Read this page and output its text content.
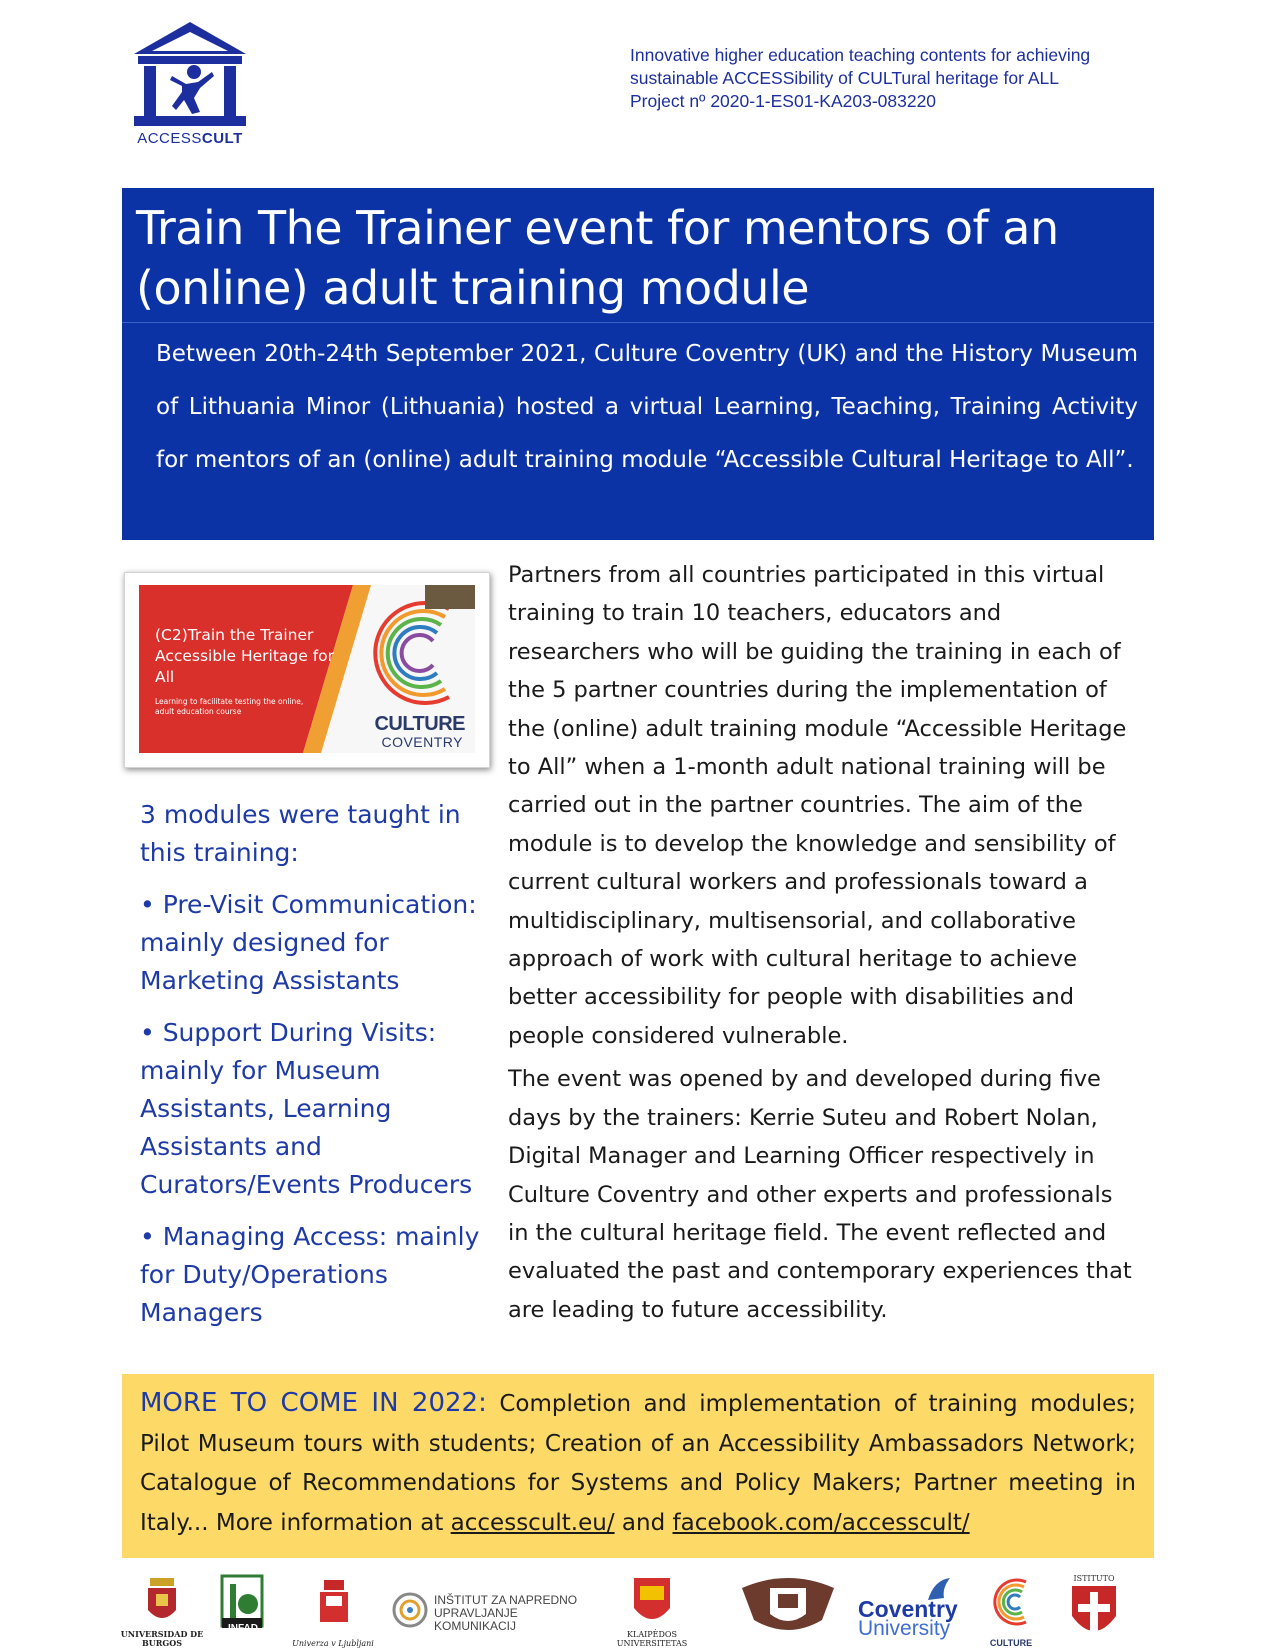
ACCESSCULT
Innovative higher education teaching contents for achieving
sustainable ACCESSibility of CULTural heritage for ALL
Project nº 2020-1-ES01-KA203-083220
Train The Trainer event for mentors of an (online) adult training module
Between 20th-24th September 2021, Culture Coventry (UK) and the History Museum of Lithuania Minor (Lithuania) hosted a virtual Learning, Teaching, Training Activity for mentors of an (online) adult training module “Accessible Cultural Heritage to All”.
(C2)Train the Trainer Accessible Heritage for All
Learning to facilitate testing the online, adult education course
CULTURE
COVENTRY

3 modules were taught in this training:

• Pre-Visit Communication: mainly designed for Marketing Assistants

• Support During Visits: mainly for Museum Assistants, Learning Assistants and Curators/Events Producers

• Managing Access: mainly for Duty/Operations Managers

Partners from all countries participated in this virtual training to train 10 teachers, educators and researchers who will be guiding the training in each of the 5 partner countries during the implementation of the (online) adult training module “Accessible Heritage to All” when a 1-month adult national training will be carried out in the partner countries. The aim of the module is to develop the knowledge and sensibility of current cultural workers and professionals toward a multidisciplinary, multisensorial, and collaborative approach of work with cultural heritage to achieve better accessibility for people with disabilities and people considered vulnerable.

The event was opened by and developed during five days by the trainers: Kerrie Suteu and Robert Nolan, Digital Manager and Learning Officer respectively in Culture Coventry and other experts and professionals in the cultural heritage field. The event reflected and evaluated the past and contemporary experiences that are leading to future accessibility.

MORE TO COME IN 2022: Completion and implementation of training modules; Pilot Museum tours with students; Creation of an Accessibility Ambassadors Network; Catalogue of Recommendations for Systems and Policy Makers; Partner meeting in Italy... More information at accesscult.eu/ and facebook.com/accesscult/
UNIVERSIDAD DE BURGOS
INFAD
Univerza v Ljubljani
INŠTITUT ZA NAPREDNO
UPRAVLJANJE KOMUNIKACIJ
KLAIPĖDOS UNIVERSITETAS
Coventry
University
CULTURE
ISTITUTO
